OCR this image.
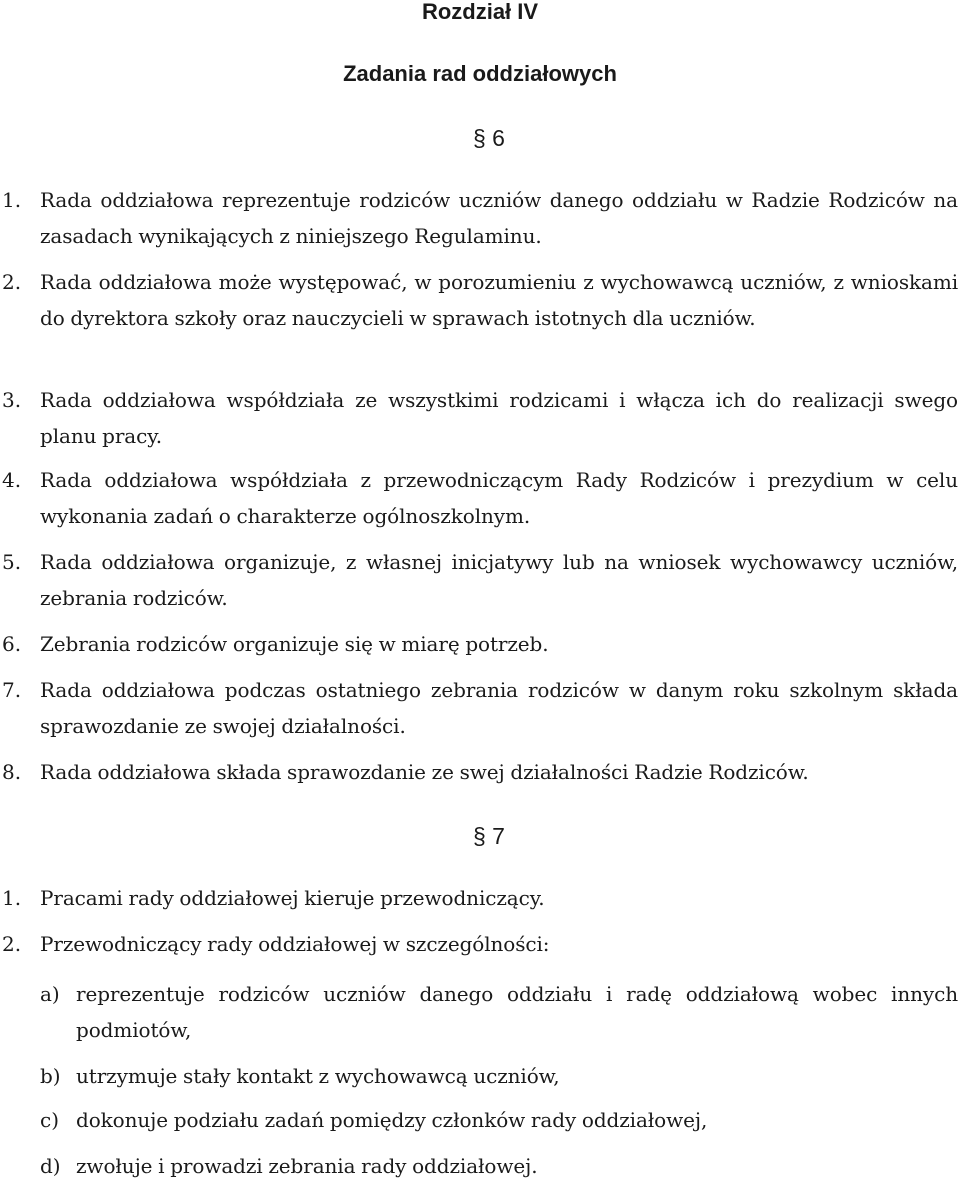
Rozdział IV
Zadania rad oddziałowych
§ 6
1. Rada oddziałowa reprezentuje rodziców uczniów danego oddziału w Radzie Rodziców na zasadach wynikających z niniejszego Regulaminu.
2. Rada oddziałowa może występować, w porozumieniu z wychowawcą uczniów, z wnioskami do dyrektora szkoły oraz nauczycieli w sprawach istotnych dla uczniów.
3. Rada oddziałowa współdziała ze wszystkimi rodzicami i włącza ich do realizacji swego planu pracy.
4. Rada oddziałowa współdziała z przewodniczącym Rady Rodziców i prezydium w celu wykonania zadań o charakterze ogólnoszkolnym.
5. Rada oddziałowa organizuje, z własnej inicjatywy lub na wniosek wychowawcy uczniów, zebrania rodziców.
6. Zebrania rodziców organizuje się w miarę potrzeb.
7. Rada oddziałowa podczas ostatniego zebrania rodziców w danym roku szkolnym składa sprawozdanie ze swojej działalności.
8. Rada oddziałowa składa sprawozdanie ze swej działalności Radzie Rodziców.
§ 7
1. Pracami rady oddziałowej kieruje przewodniczący.
2. Przewodniczący rady oddziałowej w szczególności:
a) reprezentuje rodziców uczniów danego oddziału i radę oddziałową wobec innych podmiotów,
b) utrzymuje stały kontakt z wychowawcą uczniów,
c) dokonuje podziału zadań pomiędzy członków rady oddziałowej,
d) zwołuje i prowadzi zebrania rady oddziałowej.
